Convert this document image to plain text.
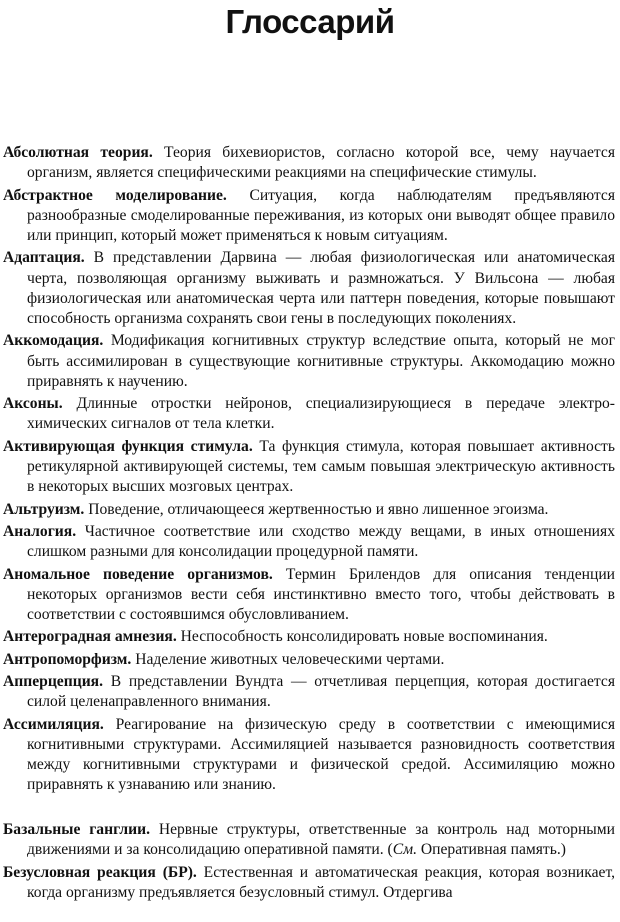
Глоссарий

Абсолютная теория. Теория бихевиористов, согласно которой все, чему научается организм, является специфическими реакциями на специфические стимулы.

Абстрактное моделирование. Ситуация, когда наблюдателям предъявляются разнообразные смоделированные переживания, из которых они выводят общее правило или принцип, который может применяться к новым ситуациям.

Адаптация. В представлении Дарвина — любая физиологическая или анатомическая черта, позволяющая организму выживать и размножаться. У Вильсона — любая физиологическая или анатомическая черта или паттерн поведения, которые повышают способность организма сохранять свои гены в последующих поколениях.

Аккомодация. Модификация когнитивных структур вследствие опыта, который не мог быть ассимилирован в существующие когнитивные структуры. Аккомодацию можно приравнять к научению.

Аксоны. Длинные отростки нейронов, специализирующиеся в передаче электрохимических сигналов от тела клетки.

Активирующая функция стимула. Та функция стимула, которая повышает активность ретикулярной активирующей системы, тем самым повышая электрическую активность в некоторых высших мозговых центрах.

Альтруизм. Поведение, отличающееся жертвенностью и явно лишенное эгоизма.

Аналогия. Частичное соответствие или сходство между вещами, в иных отношениях слишком разными для консолидации процедурной памяти.

Аномальное поведение организмов. Термин Брилендов для описания тенденции некоторых организмов вести себя инстинктивно вместо того, чтобы действовать в соответствии с состоявшимся обусловливанием.

Антероградная амнезия. Неспособность консолидировать новые воспоминания.

Антропоморфизм. Наделение животных человеческими чертами.

Апперцепция. В представлении Вундта — отчетливая перцепция, которая достигается силой целенаправленного внимания.

Ассимиляция. Реагирование на физическую среду в соответствии с имеющимися когнитивными структурами. Ассимиляцией называется разновидность соответствия между когнитивными структурами и физической средой. Ассимиляцию можно приравнять к узнаванию или знанию.

Базальные ганглии. Нервные структуры, ответственные за контроль над моторными движениями и за консолидацию оперативной памяти. (См. Оперативная память.)

Безусловная реакция (БР). Естественная и автоматическая реакция, которая возникает, когда организму предъявляется безусловный стимул. Отдергива
